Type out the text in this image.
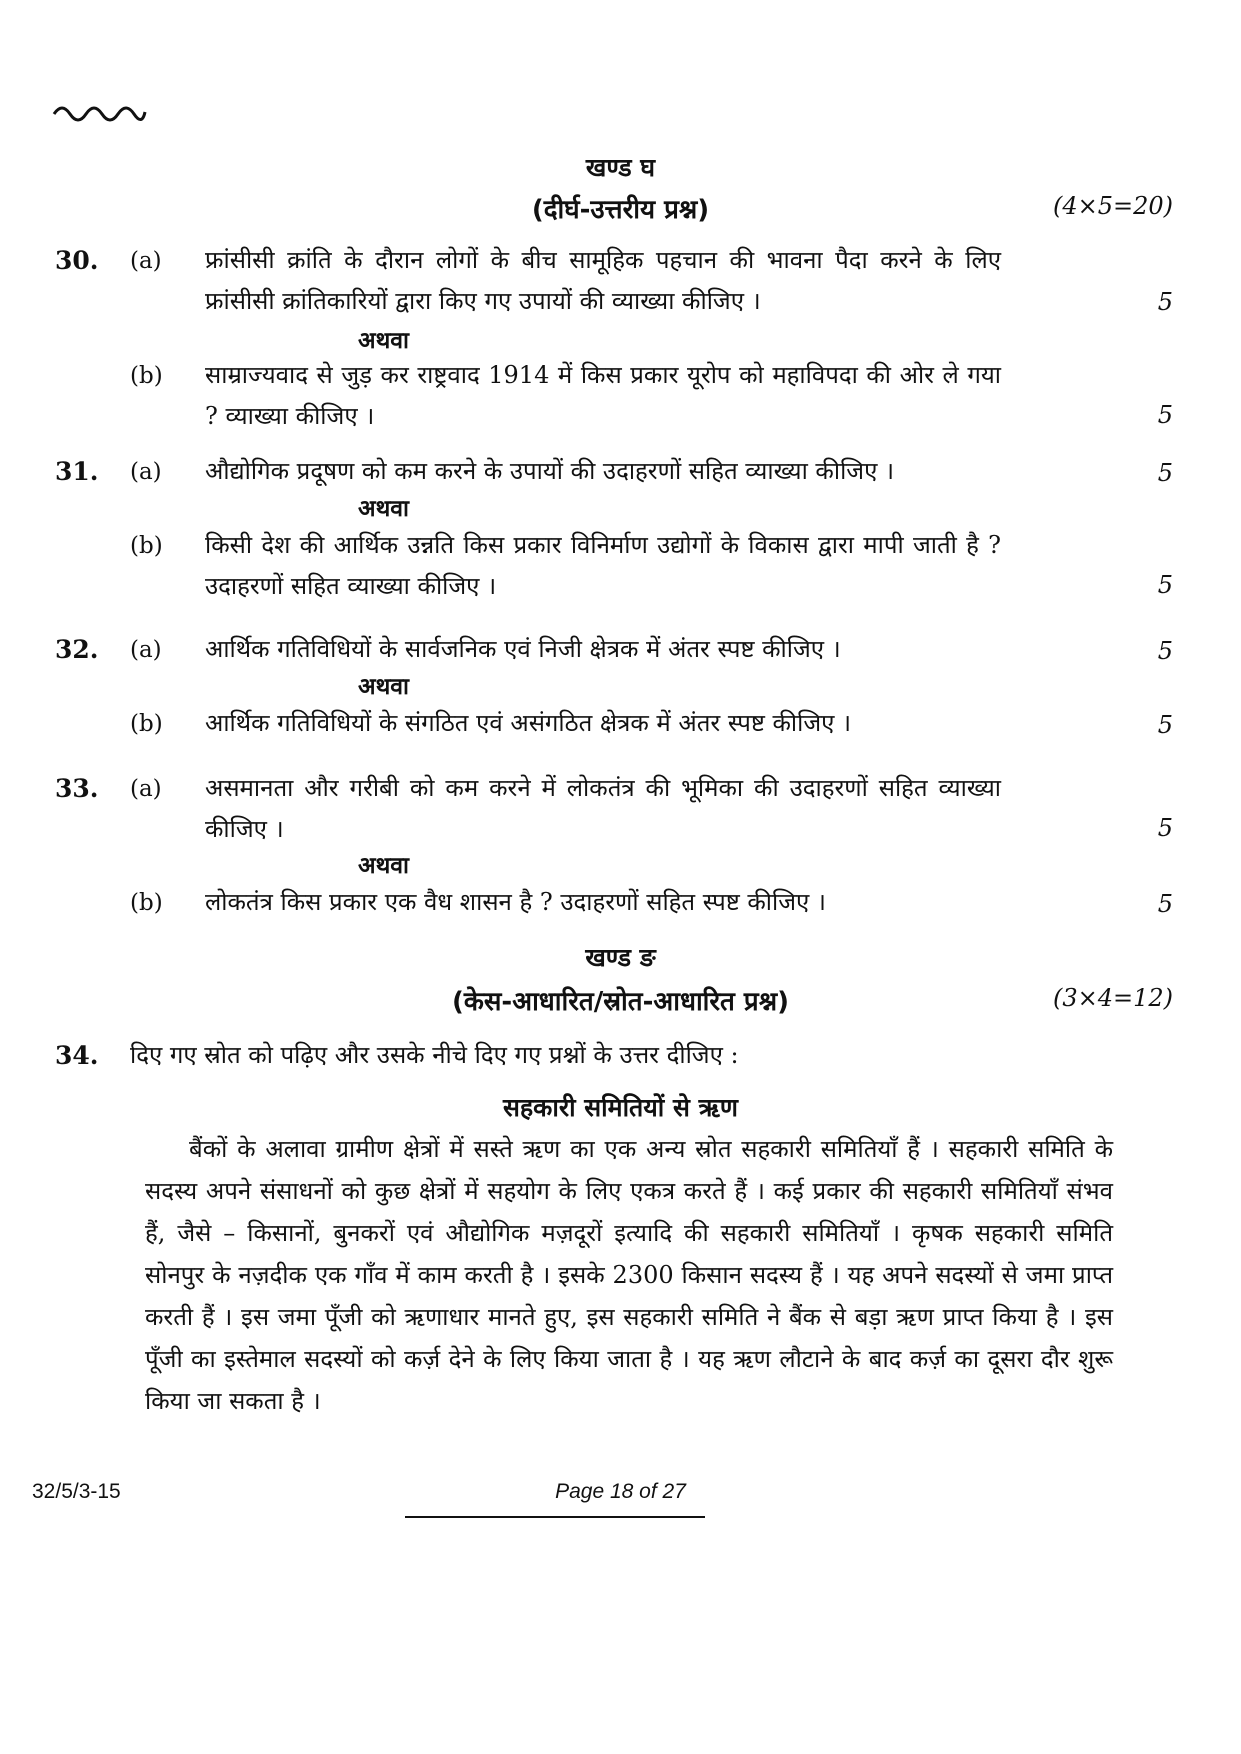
खण्ड घ
(दीर्घ-उत्तरीय प्रश्न)	(4×5=20)
30. (a) फ्रांसीसी क्रांति के दौरान लोगों के बीच सामूहिक पहचान की भावना पैदा करने के लिए फ्रांसीसी क्रांतिकारियों द्वारा किए गए उपायों की व्याख्या कीजिए ।	5
अथवा
(b) साम्राज्यवाद से जुड़ कर राष्ट्रवाद 1914 में किस प्रकार यूरोप को महाविपदा की ओर ले गया ? व्याख्या कीजिए ।	5
31. (a) औद्योगिक प्रदूषण को कम करने के उपायों की उदाहरणों सहित व्याख्या कीजिए ।	5
अथवा
(b) किसी देश की आर्थिक उन्नति किस प्रकार विनिर्माण उद्योगों के विकास द्वारा मापी जाती है ? उदाहरणों सहित व्याख्या कीजिए ।	5
32. (a) आर्थिक गतिविधियों के सार्वजनिक एवं निजी क्षेत्रक में अंतर स्पष्ट कीजिए ।	5
अथवा
(b) आर्थिक गतिविधियों के संगठित एवं असंगठित क्षेत्रक में अंतर स्पष्ट कीजिए ।	5
33. (a) असमानता और गरीबी को कम करने में लोकतंत्र की भूमिका की उदाहरणों सहित व्याख्या कीजिए ।	5
अथवा
(b) लोकतंत्र किस प्रकार एक वैध शासन है ? उदाहरणों सहित स्पष्ट कीजिए ।	5
खण्ड ङ
(केस-आधारित/स्रोत-आधारित प्रश्न)	(3×4=12)
34. दिए गए स्रोत को पढ़िए और उसके नीचे दिए गए प्रश्नों के उत्तर दीजिए :
सहकारी समितियों से ऋण
बैंकों के अलावा ग्रामीण क्षेत्रों में सस्ते ऋण का एक अन्य स्रोत सहकारी समितियाँ हैं । सहकारी समिति के सदस्य अपने संसाधनों को कुछ क्षेत्रों में सहयोग के लिए एकत्र करते हैं । कई प्रकार की सहकारी समितियाँ संभव हैं, जैसे – किसानों, बुनकरों एवं औद्योगिक मज़दूरों इत्यादि की सहकारी समितियाँ । कृषक सहकारी समिति सोनपुर के नज़दीक एक गाँव में काम करती है । इसके 2300 किसान सदस्य हैं । यह अपने सदस्यों से जमा प्राप्त करती हैं । इस जमा पूँजी को ऋणाधार मानते हुए, इस सहकारी समिति ने बैंक से बड़ा ऋण प्राप्त किया है । इस पूँजी का इस्तेमाल सदस्यों को कर्ज़ देने के लिए किया जाता है । यह ऋण लौटाने के बाद कर्ज़ का दूसरा दौर शुरू किया जा सकता है ।
32/5/3-15	Page 18 of 27
